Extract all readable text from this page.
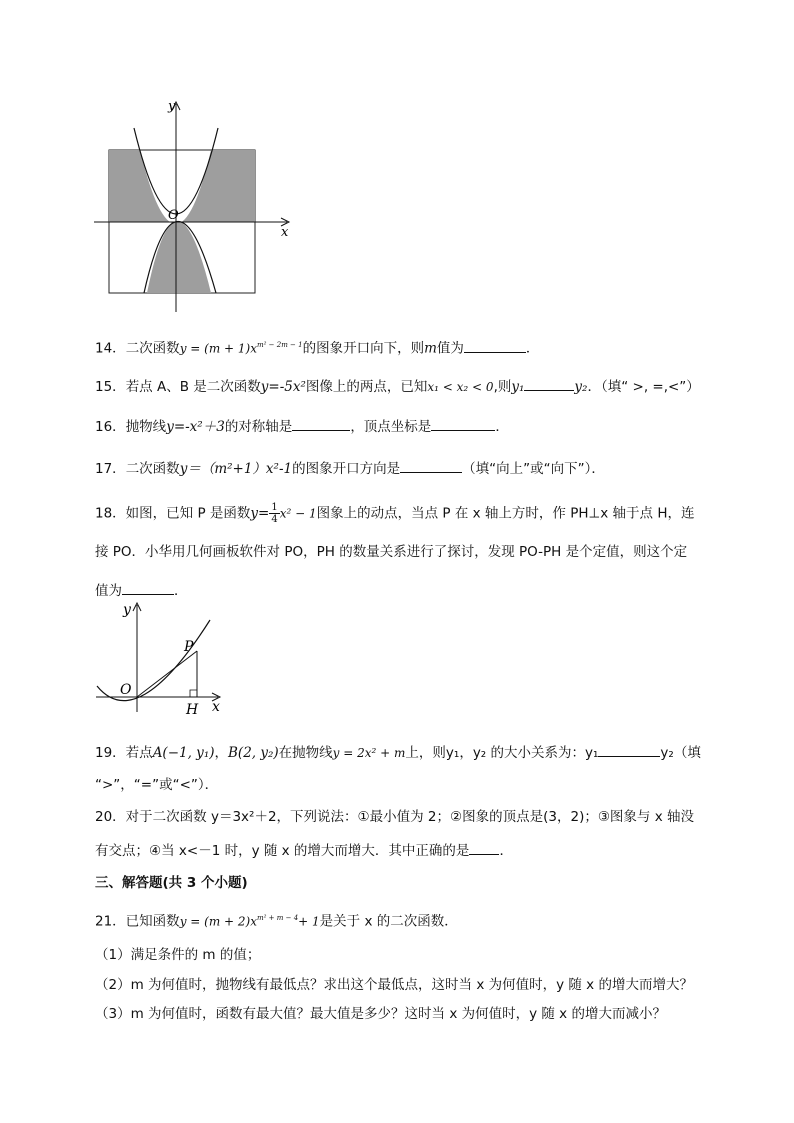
y
x
O
14．二次函数$y = (m + 1)x^{m^2 - 2m - 1}$的图象开口向下，则m值为	．
15．若点 A、B 是二次函数y=-5x²图像上的两点，已知x₁ < x₂ < 0,则y₁	y₂．（填“ >, =,<”）
16．抛物线y=-x²＋3的对称轴是	，顶点坐标是	．
17．二次函数y＝（m²+1）x²-1的图象开口方向是	（填“向上”或“向下”）．
18．如图，已知 P 是函数$y= \frac{1}{4} x^2 - 1$图象上的动点，当点 P 在 x 轴上方时，作 PH⊥x 轴于点 H，连
接 PO．小华用几何画板软件对 PO，PH 的数量关系进行了探讨，发现 PO-PH 是个定值，则这个定
值为	．
y
x
O
P
H
19．若点A(−1, y₁)，B(2, y₂)在抛物线y = 2x² + m上，则y₁，y₂ 的大小关系为：y₁	y₂（填
“>”，“=”或“<”）．
20．对于二次函数 y＝3x²＋2，下列说法：①最小值为 2；②图象的顶点是(3，2)；③图象与 x 轴没
有交点；④当 x<－1 时，y 随 x 的增大而增大．其中正确的是 ．
三、解答题(共 3 个小题)
21．已知函数$y = (m + 2)x^{m^2 + m - 4}+ 1$是关于 x 的二次函数．
（1）满足条件的 m 的值；
（2）m 为何值时，抛物线有最低点？求出这个最低点，这时当 x 为何值时，y 随 x 的增大而增大？
（3）m 为何值时，函数有最大值？最大值是多少？这时当 x 为何值时，y 随 x 的增大而减小？
